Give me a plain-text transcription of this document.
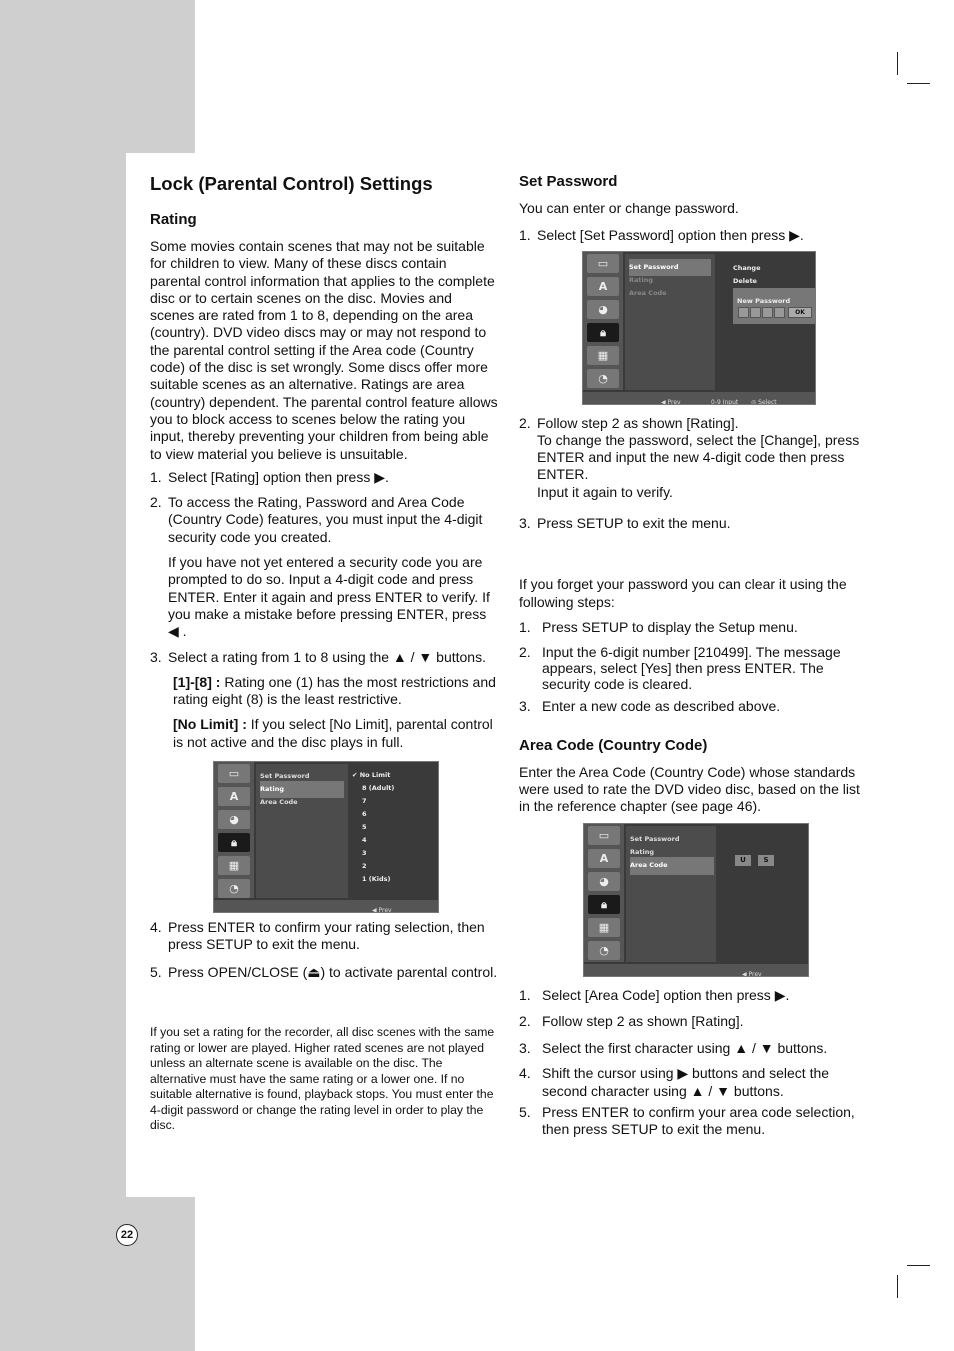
22
Lock (Parental Control) Settings
Rating

Some movies contain scenes that may not be suitable for children to view. Many of these discs contain parental control information that applies to the complete disc or to certain scenes on the disc. Movies and scenes are rated from 1 to 8, depending on the area (country). DVD video discs may or may not respond to the parental control setting if the Area code (Country code) of the disc is set wrongly. Some discs offer more suitable scenes as an alternative. Ratings are area (country) dependent. The parental control feature allows you to block access to scenes below the rating you input, thereby preventing your children from being able to view material you believe is unsuitable.

1. Select [Rating] option then press ▶.
2. To access the Rating, Password and Area Code (Country Code) features, you must input the 4-digit security code you created.

If you have not yet entered a security code you are prompted to do so. Input a 4-digit code and press ENTER. Enter it again and press ENTER to verify. If you make a mistake before pressing ENTER, press ◀ .

3. Select a rating from 1 to 8 using the ▲ / ▼ buttons.

[1]-[8] : Rating one (1) has the most restrictions and rating eight (8) is the least restrictive.

[No Limit] : If you select [No Limit], parental control is not active and the disc plays in full.

▭
A
◕
🔒︎
▦
◔
Set Password
Rating
Area Code
✔ No Limit
8 (Adult)
7
6
5
4
3
2
1 (Kids)
◀ Prev
4. Press ENTER to confirm your rating selection, then press SETUP to exit the menu.
5. Press OPEN/CLOSE (⏏) to activate parental control.

If you set a rating for the recorder, all disc scenes with the same rating or lower are played. Higher rated scenes are not played unless an alternate scene is available on the disc. The alternative must have the same rating or a lower one. If no suitable alternative is found, playback stops. You must enter the 4-digit password or change the rating level in order to play the disc.

Set Password

You can enter or change password.

1. Select [Set Password] option then press ▶.
▭
A
◕
🔒︎
▦
◔
Set Password
Rating
Area Code
Change
Delete
New Password
OK
◀ Prev	0-9 Input ◎ Select
2. Follow step 2 as shown [Rating].

To change the password, select the [Change], press ENTER and input the new 4-digit code then press ENTER.

Input it again to verify.

3. Press SETUP to exit the menu.

If you forget your password you can clear it using the following steps:

1. Press SETUP to display the Setup menu.
2. Input the 6-digit number [210499]. The message appears, select [Yes] then press ENTER. The security code is cleared.
3. Enter a new code as described above.
Area Code (Country Code)

Enter the Area Code (Country Code) whose standards were used to rate the DVD video disc, based on the list in the reference chapter (see page 46).

▭
A
◕
🔒︎
▦
◔
Set Password
Rating
Area Code
U	S
◀ Prev
1. Select [Area Code] option then press ▶.
2. Follow step 2 as shown [Rating].
3. Select the first character using ▲ / ▼ buttons.
4. Shift the cursor using ▶ buttons and select the second character using ▲ / ▼ buttons.
5. Press ENTER to confirm your area code selection, then press SETUP to exit the menu.
